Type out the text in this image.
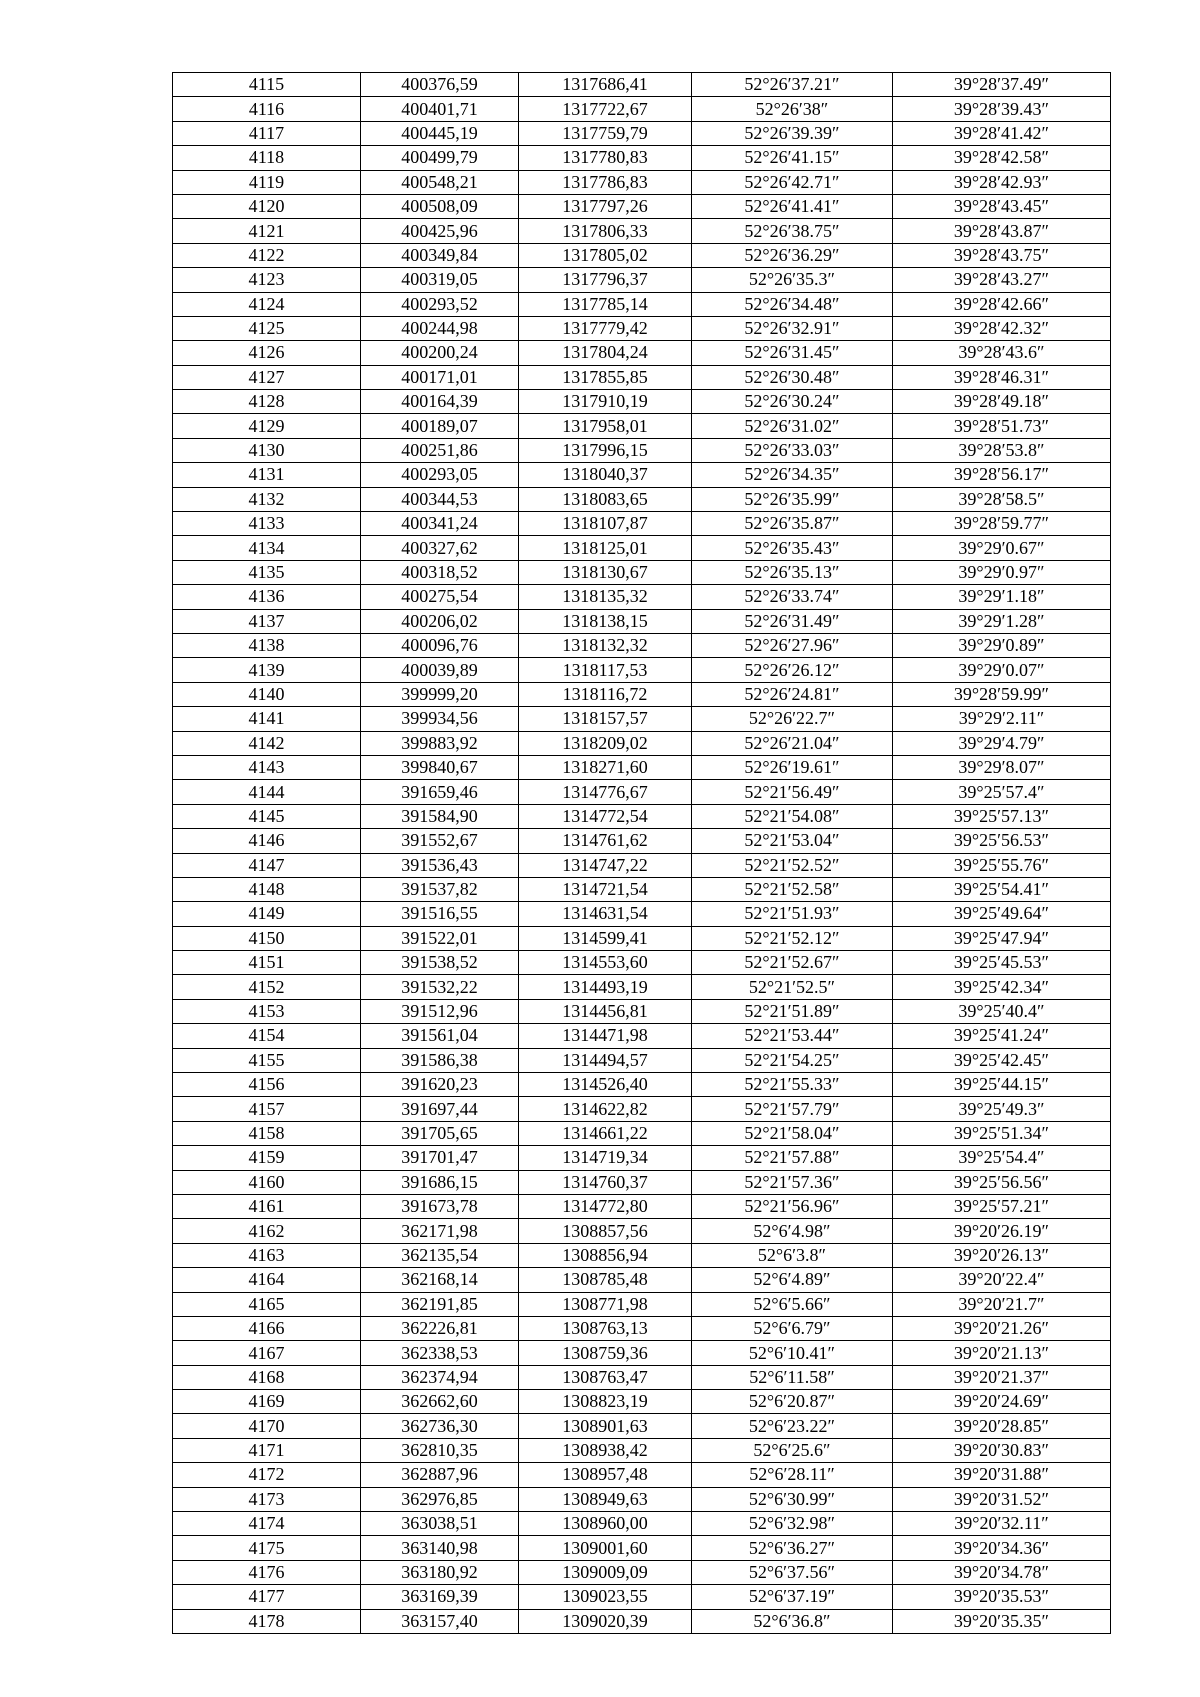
4115	400376,59	1317686,41	52°26′37.21″	39°28′37.49″
4116	400401,71	1317722,67	52°26′38″	39°28′39.43″
4117	400445,19	1317759,79	52°26′39.39″	39°28′41.42″
4118	400499,79	1317780,83	52°26′41.15″	39°28′42.58″
4119	400548,21	1317786,83	52°26′42.71″	39°28′42.93″
4120	400508,09	1317797,26	52°26′41.41″	39°28′43.45″
4121	400425,96	1317806,33	52°26′38.75″	39°28′43.87″
4122	400349,84	1317805,02	52°26′36.29″	39°28′43.75″
4123	400319,05	1317796,37	52°26′35.3″	39°28′43.27″
4124	400293,52	1317785,14	52°26′34.48″	39°28′42.66″
4125	400244,98	1317779,42	52°26′32.91″	39°28′42.32″
4126	400200,24	1317804,24	52°26′31.45″	39°28′43.6″
4127	400171,01	1317855,85	52°26′30.48″	39°28′46.31″
4128	400164,39	1317910,19	52°26′30.24″	39°28′49.18″
4129	400189,07	1317958,01	52°26′31.02″	39°28′51.73″
4130	400251,86	1317996,15	52°26′33.03″	39°28′53.8″
4131	400293,05	1318040,37	52°26′34.35″	39°28′56.17″
4132	400344,53	1318083,65	52°26′35.99″	39°28′58.5″
4133	400341,24	1318107,87	52°26′35.87″	39°28′59.77″
4134	400327,62	1318125,01	52°26′35.43″	39°29′0.67″
4135	400318,52	1318130,67	52°26′35.13″	39°29′0.97″
4136	400275,54	1318135,32	52°26′33.74″	39°29′1.18″
4137	400206,02	1318138,15	52°26′31.49″	39°29′1.28″
4138	400096,76	1318132,32	52°26′27.96″	39°29′0.89″
4139	400039,89	1318117,53	52°26′26.12″	39°29′0.07″
4140	399999,20	1318116,72	52°26′24.81″	39°28′59.99″
4141	399934,56	1318157,57	52°26′22.7″	39°29′2.11″
4142	399883,92	1318209,02	52°26′21.04″	39°29′4.79″
4143	399840,67	1318271,60	52°26′19.61″	39°29′8.07″
4144	391659,46	1314776,67	52°21′56.49″	39°25′57.4″
4145	391584,90	1314772,54	52°21′54.08″	39°25′57.13″
4146	391552,67	1314761,62	52°21′53.04″	39°25′56.53″
4147	391536,43	1314747,22	52°21′52.52″	39°25′55.76″
4148	391537,82	1314721,54	52°21′52.58″	39°25′54.41″
4149	391516,55	1314631,54	52°21′51.93″	39°25′49.64″
4150	391522,01	1314599,41	52°21′52.12″	39°25′47.94″
4151	391538,52	1314553,60	52°21′52.67″	39°25′45.53″
4152	391532,22	1314493,19	52°21′52.5″	39°25′42.34″
4153	391512,96	1314456,81	52°21′51.89″	39°25′40.4″
4154	391561,04	1314471,98	52°21′53.44″	39°25′41.24″
4155	391586,38	1314494,57	52°21′54.25″	39°25′42.45″
4156	391620,23	1314526,40	52°21′55.33″	39°25′44.15″
4157	391697,44	1314622,82	52°21′57.79″	39°25′49.3″
4158	391705,65	1314661,22	52°21′58.04″	39°25′51.34″
4159	391701,47	1314719,34	52°21′57.88″	39°25′54.4″
4160	391686,15	1314760,37	52°21′57.36″	39°25′56.56″
4161	391673,78	1314772,80	52°21′56.96″	39°25′57.21″
4162	362171,98	1308857,56	52°6′4.98″	39°20′26.19″
4163	362135,54	1308856,94	52°6′3.8″	39°20′26.13″
4164	362168,14	1308785,48	52°6′4.89″	39°20′22.4″
4165	362191,85	1308771,98	52°6′5.66″	39°20′21.7″
4166	362226,81	1308763,13	52°6′6.79″	39°20′21.26″
4167	362338,53	1308759,36	52°6′10.41″	39°20′21.13″
4168	362374,94	1308763,47	52°6′11.58″	39°20′21.37″
4169	362662,60	1308823,19	52°6′20.87″	39°20′24.69″
4170	362736,30	1308901,63	52°6′23.22″	39°20′28.85″
4171	362810,35	1308938,42	52°6′25.6″	39°20′30.83″
4172	362887,96	1308957,48	52°6′28.11″	39°20′31.88″
4173	362976,85	1308949,63	52°6′30.99″	39°20′31.52″
4174	363038,51	1308960,00	52°6′32.98″	39°20′32.11″
4175	363140,98	1309001,60	52°6′36.27″	39°20′34.36″
4176	363180,92	1309009,09	52°6′37.56″	39°20′34.78″
4177	363169,39	1309023,55	52°6′37.19″	39°20′35.53″
4178	363157,40	1309020,39	52°6′36.8″	39°20′35.35″
